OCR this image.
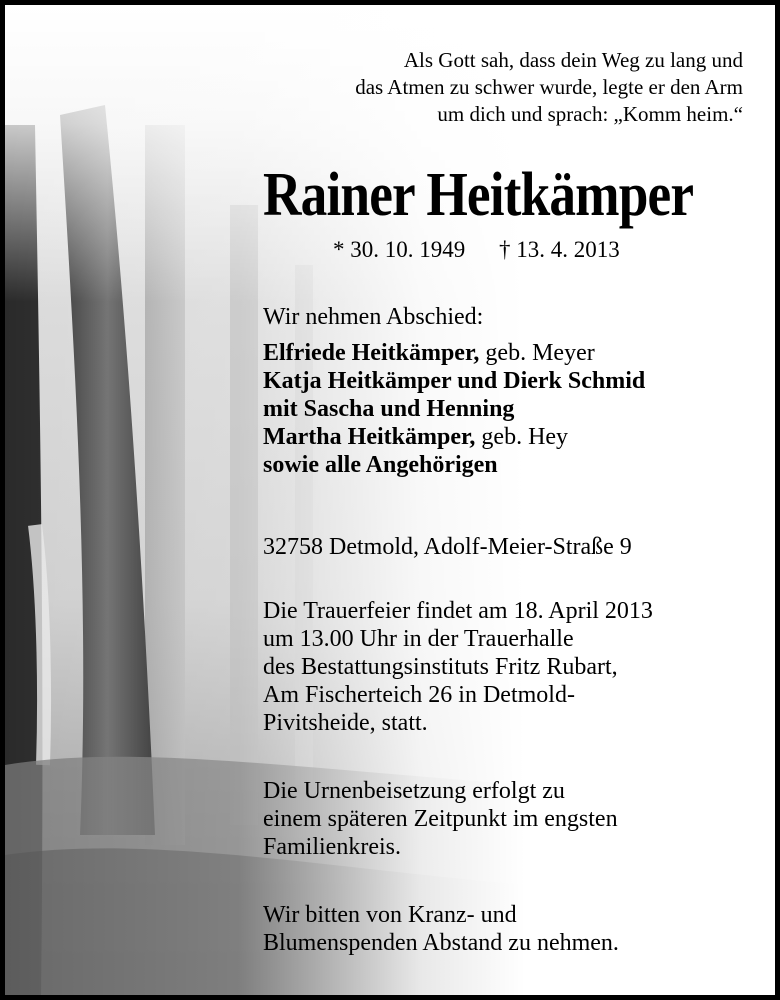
Als Gott sah, dass dein Weg zu lang und
das Atmen zu schwer wurde, legte er den Arm
um dich und sprach: „Komm heim.“
Rainer Heitkämper
* 30. 10. 1949 † 13. 4. 2013
Wir nehmen Abschied:
Elfriede Heitkämper, geb. Meyer
Katja Heitkämper und Dierk Schmid
mit Sascha und Henning
Martha Heitkämper, geb. Hey
sowie alle Angehörigen
32758 Detmold, Adolf-Meier-Straße 9
Die Trauerfeier findet am 18. April 2013
um 13.00 Uhr in der Trauerhalle
des Bestattungsinstituts Fritz Rubart,
Am Fischerteich 26 in Detmold-
Pivitsheide, statt.
Die Urnenbeisetzung erfolgt zu
einem späteren Zeitpunkt im engsten
Familienkreis.
Wir bitten von Kranz- und
Blumenspenden Abstand zu nehmen.
